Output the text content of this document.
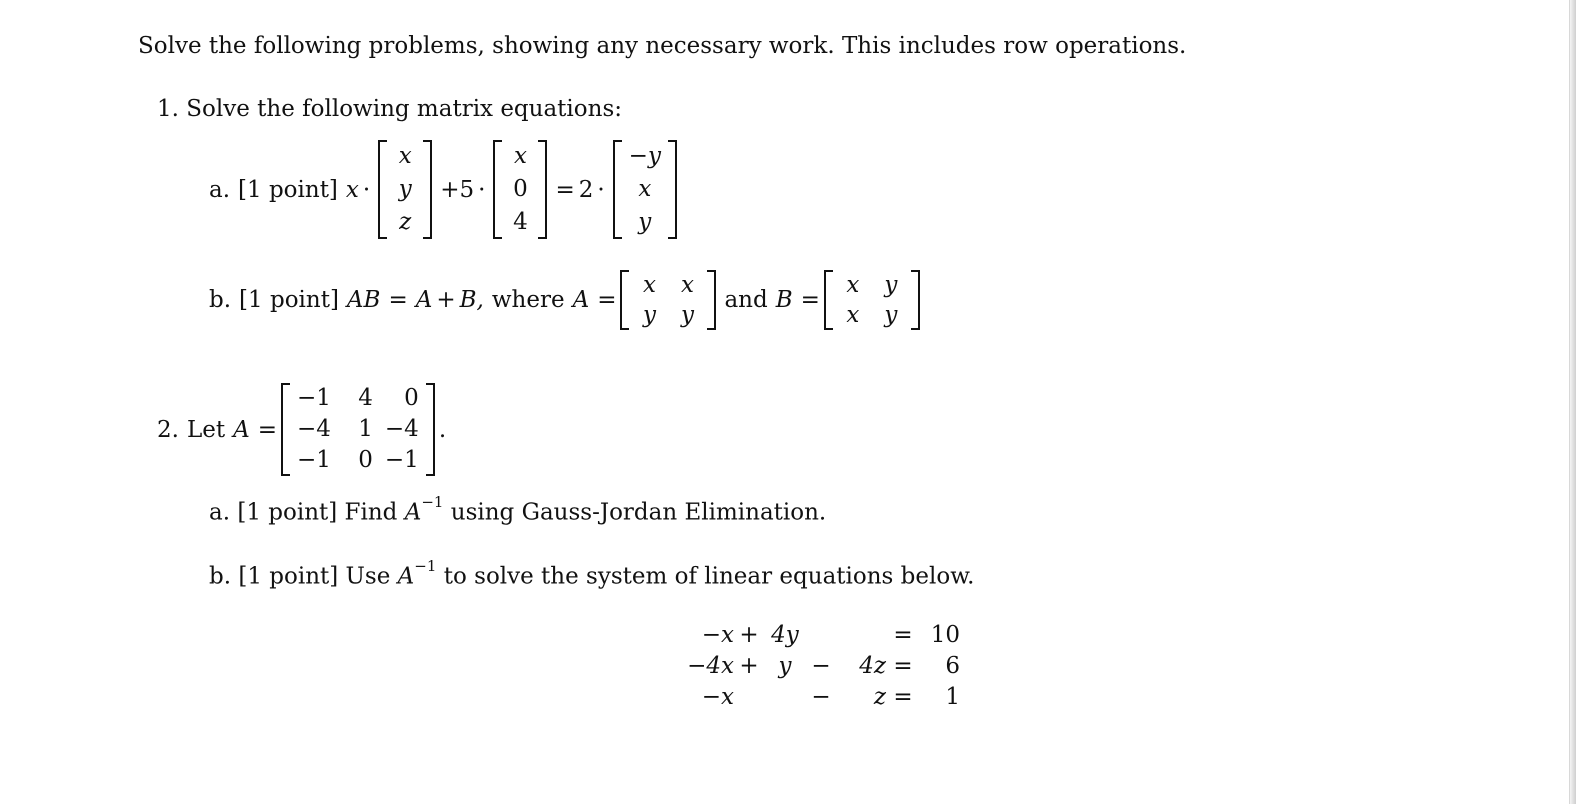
Solve the following problems, showing any necessary work. This includes row operations.
1. Solve the following matrix equations:
a. [1 point] x ·
x
y
z
+ 5 ·
x
0
4
= 2 ·
−y
x
y
b. [1 point] AB = A + B, where A =
x	x
y	y
and B =
x	y
x	y
2. Let A =
−1	4	0
−4	1 −4
−1	0 −1
.
a. [1 point] Find $A^{-1}$ using Gauss-Jordan Elimination.
b. [1 point] Use $A^{-1}$ to solve the system of linear equations below.
−x + 4y	= 10
−4x + y −	4z =	6
−x	−	z =	1
